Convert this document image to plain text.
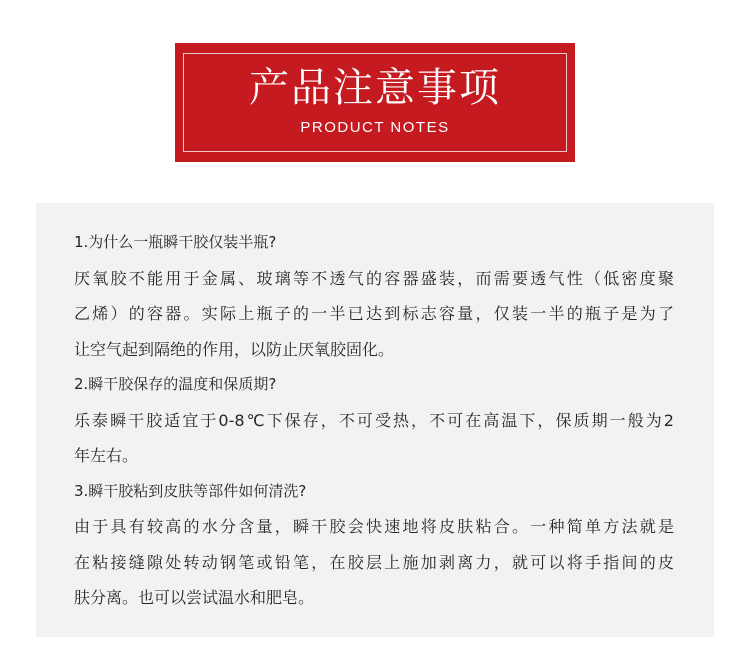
产品注意事项
PRODUCT NOTES
1.为什么一瓶瞬干胶仅装半瓶?
厌氧胶不能用于金属、玻璃等不透气的容器盛装，而需要透气性（低密度聚
乙烯）的容器。实际上瓶子的一半已达到标志容量，仅装一半的瓶子是为了
让空气起到隔绝的作用，以防止厌氧胶固化。
2.瞬干胶保存的温度和保质期?
乐泰瞬干胶适宜于0-8℃下保存，不可受热，不可在高温下，保质期一般为2
年左右。
3.瞬干胶粘到皮肤等部件如何清洗?
由于具有较高的水分含量，瞬干胶会快速地将皮肤粘合。一种简单方法就是
在粘接缝隙处转动钢笔或铅笔，在胶层上施加剥离力，就可以将手指间的皮
肤分离。也可以尝试温水和肥皂。
